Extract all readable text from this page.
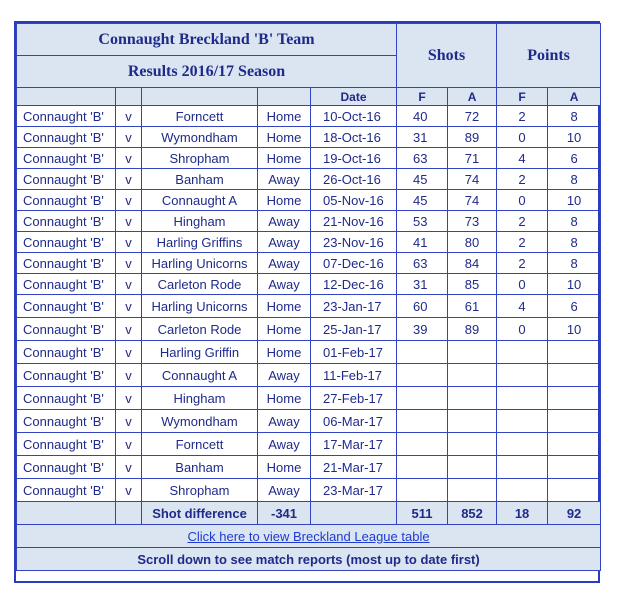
Connaught Breckland 'B' Team					Shots		Points	
Results 2016/17 Season								
				Date	F	A	F	A
Connaught 'B'	v	Forncett	Home	10-Oct-16	40	72	2	8
Connaught 'B'	v	Wymondham	Home	18-Oct-16	31	89	0	10
Connaught 'B'	v	Shropham	Home	19-Oct-16	63	71	4	6
Connaught 'B'	v	Banham	Away	26-Oct-16	45	74	2	8
Connaught 'B'	v	Connaught A	Home	05-Nov-16	45	74	0	10
Connaught 'B'	v	Hingham	Away	21-Nov-16	53	73	2	8
Connaught 'B'	v	Harling Griffins	Away	23-Nov-16	41	80	2	8
Connaught 'B'	v	Harling Unicorns	Away	07-Dec-16	63	84	2	8
Connaught 'B'	v	Carleton Rode	Away	12-Dec-16	31	85	0	10
Connaught 'B'	v	Harling Unicorns	Home	23-Jan-17	60	61	4	6
Connaught 'B'	v	Carleton Rode	Home	25-Jan-17	39	89	0	10
Connaught 'B'	v	Harling Griffin	Home	01-Feb-17				
Connaught 'B'	v	Connaught A	Away	11-Feb-17				
Connaught 'B'	v	Hingham	Home	27-Feb-17				
Connaught 'B'	v	Wymondham	Away	06-Mar-17				
Connaught 'B'	v	Forncett	Away	17-Mar-17				
Connaught 'B'	v	Banham	Home	21-Mar-17				
Connaught 'B'	v	Shropham	Away	23-Mar-17				
		Shot difference	-341		511	852	18	92
Click here to view Breckland League table								
Scroll down to see match reports (most up to date first)								
